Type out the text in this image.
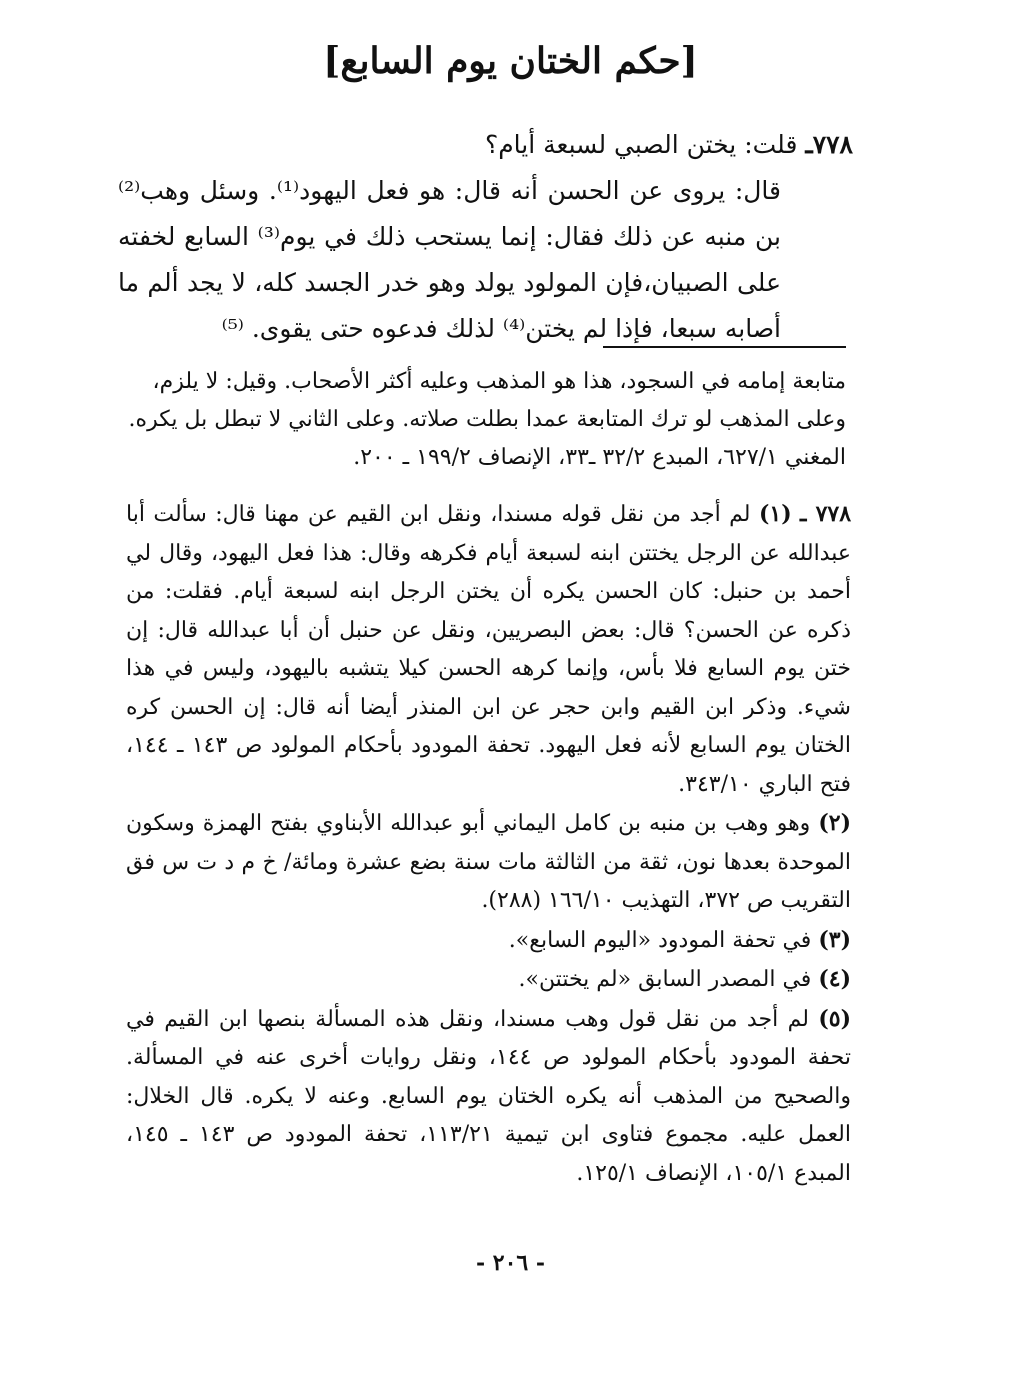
[حكم الختان يوم السابع]

٧٧٨ـ قلت: يختن الصبي لسبعة أيام؟

قال: يروى عن الحسن أنه قال: هو فعل اليهود⁽¹⁾. وسئل وهب⁽²⁾ بن منبه عن ذلك فقال: إنما يستحب ذلك في يوم⁽³⁾ السابع لخفته على الصبيان،فإن المولود يولد وهو خدر الجسد كله، لا يجد ألم ما أصابه سبعا، فإذا لم يختن⁽⁴⁾ لذلك فدعوه حتى يقوى. ⁽⁵⁾

متابعة إمامه في السجود، هذا هو المذهب وعليه أكثر الأصحاب. وقيل: لا يلزم،

وعلى المذهب لو ترك المتابعة عمدا بطلت صلاته. وعلى الثاني لا تبطل بل يكره.

المغني ٦٢٧/١، المبدع ٣٢/٢ ـ٣٣، الإنصاف ١٩٩/٢ ـ ٢٠٠.

٧٧٨ ـ (١) لم أجد من نقل قوله مسندا، ونقل ابن القيم عن مهنا قال: سألت أبا عبدالله عن الرجل يختتن ابنه لسبعة أيام فكرهه وقال: هذا فعل اليهود، وقال لي أحمد بن حنبل: كان الحسن يكره أن يختن الرجل ابنه لسبعة أيام. فقلت: من ذكره عن الحسن؟ قال: بعض البصريين، ونقل عن حنبل أن أبا عبدالله قال: إن ختن يوم السابع فلا بأس، وإنما كرهه الحسن كيلا يتشبه باليهود، وليس في هذا شيء. وذكر ابن القيم وابن حجر عن ابن المنذر أيضا أنه قال: إن الحسن كره الختان يوم السابع لأنه فعل اليهود. تحفة المودود بأحكام المولود ص ١٤٣ ـ ١٤٤، فتح الباري ٣٤٣/١٠.

(٢) وهو وهب بن منبه بن كامل اليماني أبو عبدالله الأبناوي بفتح الهمزة وسكون الموحدة بعدها نون، ثقة من الثالثة مات سنة بضع عشرة ومائة/ خ م د ت س فق التقريب ص ٣٧٢، التهذيب ١٦٦/١٠ (٢٨٨).

(٣) في تحفة المودود «اليوم السابع».

(٤) في المصدر السابق «لم يختتن».

(٥) لم أجد من نقل قول وهب مسندا، ونقل هذه المسألة بنصها ابن القيم في تحفة المودود بأحكام المولود ص ١٤٤، ونقل روايات أخرى عنه في المسألة. والصحيح من المذهب أنه يكره الختان يوم السابع. وعنه لا يكره. قال الخلال: العمل عليه. مجموع فتاوى ابن تيمية ١١٣/٢١، تحفة المودود ص ١٤٣ ـ ١٤٥، المبدع ١٠٥/١، الإنصاف ١٢٥/١.

- ٢٠٦ -
